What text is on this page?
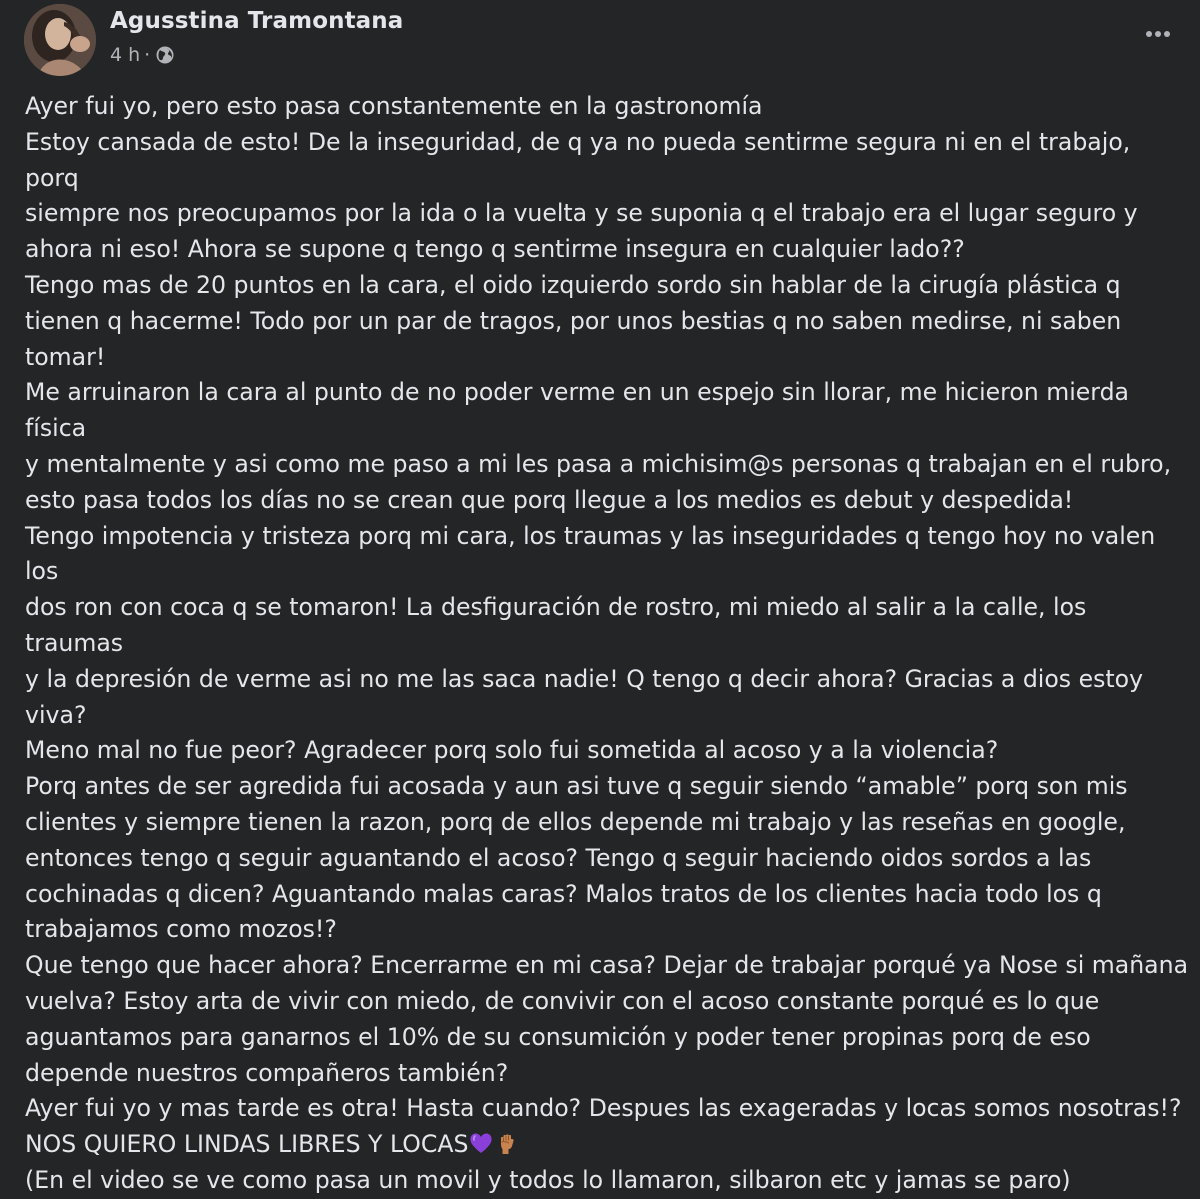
Agusstina Tramontana
4 h ·

Ayer fui yo, pero esto pasa constantemente en la gastronomía

Estoy cansada de esto! De la inseguridad, de q ya no pueda sentirme segura ni en el trabajo, porq

siempre nos preocupamos por la ida o la vuelta y se suponia q el trabajo era el lugar seguro y

ahora ni eso! Ahora se supone q tengo q sentirme insegura en cualquier lado??

Tengo mas de 20 puntos en la cara, el oido izquierdo sordo sin hablar de la cirugía plástica q

tienen q hacerme! Todo por un par de tragos, por unos bestias q no saben medirse, ni saben

tomar!

Me arruinaron la cara al punto de no poder verme en un espejo sin llorar, me hicieron mierda física

y mentalmente y asi como me paso a mi les pasa a michisim@s personas q trabajan en el rubro,

esto pasa todos los días no se crean que porq llegue a los medios es debut y despedida!

Tengo impotencia y tristeza porq mi cara, los traumas y las inseguridades q tengo hoy no valen los

dos ron con coca q se tomaron! La desfiguración de rostro, mi miedo al salir a la calle, los traumas

y la depresión de verme asi no me las saca nadie! Q tengo q decir ahora? Gracias a dios estoy viva?

Meno mal no fue peor? Agradecer porq solo fui sometida al acoso y a la violencia?

Porq antes de ser agredida fui acosada y aun asi tuve q seguir siendo “amable” porq son mis

clientes y siempre tienen la razon, porq de ellos depende mi trabajo y las reseñas en google,

entonces tengo q seguir aguantando el acoso? Tengo q seguir haciendo oidos sordos a las

cochinadas q dicen? Aguantando malas caras? Malos tratos de los clientes hacia todo los q

trabajamos como mozos!?

Que tengo que hacer ahora? Encerrarme en mi casa? Dejar de trabajar porqué ya Nose si mañana

vuelva? Estoy arta de vivir con miedo, de convivir con el acoso constante porqué es lo que

aguantamos para ganarnos el 10% de su consumición y poder tener propinas porq de eso

depende nuestros compañeros también?

Ayer fui yo y mas tarde es otra! Hasta cuando? Despues las exageradas y locas somos nosotras!?

NOS QUIERO LINDAS LIBRES Y LOCAS

(En el video se ve como pasa un movil y todos lo llamaron, silbaron etc y jamas se paro)
